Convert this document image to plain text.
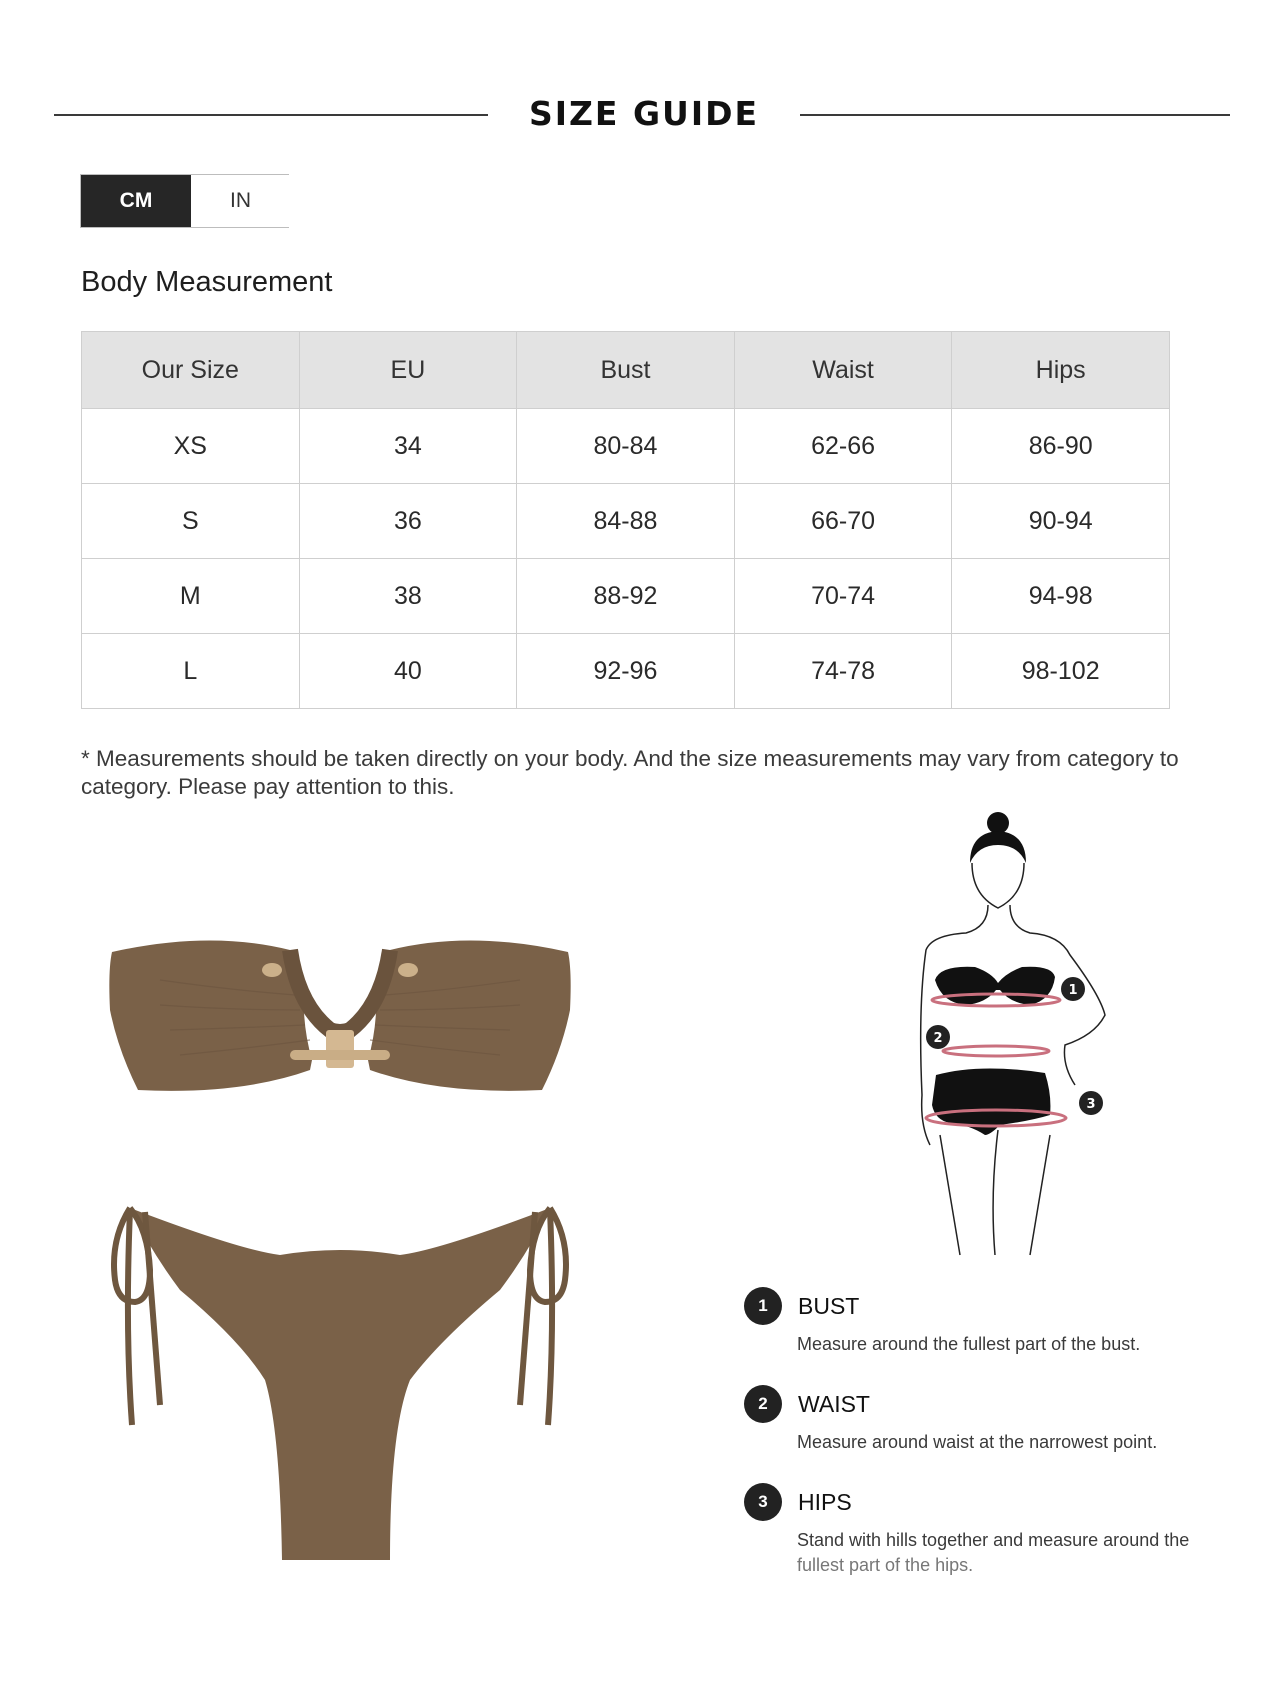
SIZE GUIDE
CM	IN
Body Measurement
Our Size	EU	Bust	Waist	Hips
XS	34	80-84	62-66	86-90
S	36	84-88	66-70	90-94
M	38	88-92	70-74	94-98
L	40	92-96	74-78	98-102
* Measurements should be taken directly on your body. And the size measurements may vary from category to category. Please pay attention to this.
1
2
3
1	BUST
Measure around the fullest part of the bust.
2	WAIST
Measure around waist at the narrowest point.
3	HIPS
Stand with hills together and measure around the
fullest part of the hips.
